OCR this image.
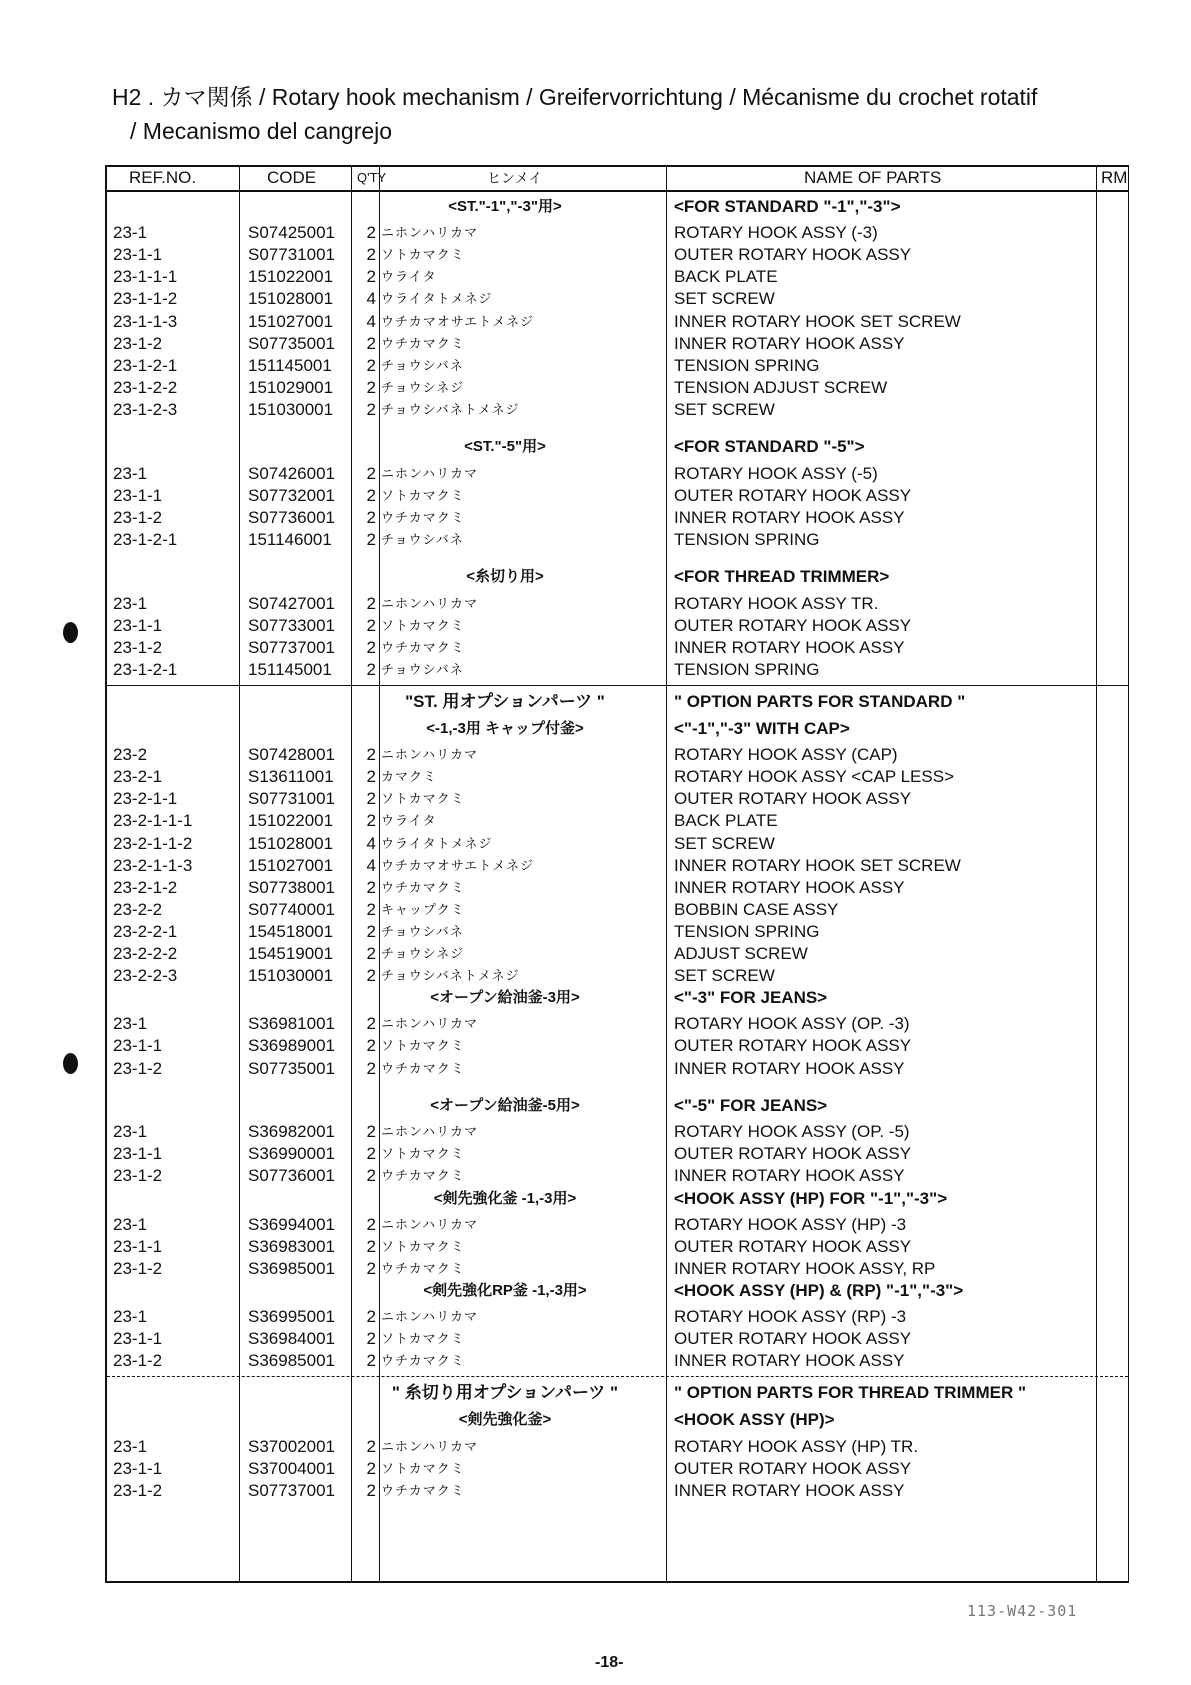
H2 . カマ関係 / Rotary hook mechanism / Greifervorrichtung / Mécanisme du crochet rotatif
/ Mecanismo del cangrejo
REF.NO.	CODE	Q'TY	ヒンメイ	NAME OF PARTS	RM
<ST."-1","-3"用>	<FOR STANDARD "-1","-3">
23-1	S07425001	2 ニホンハリカマ	ROTARY HOOK ASSY (-3)
23-1-1	S07731001	2 ソトカマクミ	OUTER ROTARY HOOK ASSY
23-1-1-1	151022001	2 ウライタ	BACK PLATE
23-1-1-2	151028001	4 ウライタトメネジ	SET SCREW
23-1-1-3	151027001	4 ウチカマオサエトメネジ	INNER ROTARY HOOK SET SCREW
23-1-2	S07735001	2 ウチカマクミ	INNER ROTARY HOOK ASSY
23-1-2-1	151145001	2 チョウシバネ	TENSION SPRING
23-1-2-2	151029001	2 チョウシネジ	TENSION ADJUST SCREW
23-1-2-3	151030001	2 チョウシバネトメネジ	SET SCREW
<ST."-5"用>	<FOR STANDARD "-5">
23-1	S07426001	2 ニホンハリカマ	ROTARY HOOK ASSY (-5)
23-1-1	S07732001	2 ソトカマクミ	OUTER ROTARY HOOK ASSY
23-1-2	S07736001	2 ウチカマクミ	INNER ROTARY HOOK ASSY
23-1-2-1	151146001	2 チョウシバネ	TENSION SPRING
<糸切り用>	<FOR THREAD TRIMMER>
23-1	S07427001	2 ニホンハリカマ	ROTARY HOOK ASSY TR.
23-1-1	S07733001	2 ソトカマクミ	OUTER ROTARY HOOK ASSY
23-1-2	S07737001	2 ウチカマクミ	INNER ROTARY HOOK ASSY
23-1-2-1	151145001	2 チョウシバネ	TENSION SPRING
"ST. 用オプションパーツ "	" OPTION PARTS FOR STANDARD "
<-1,-3用 キャップ付釜>	<"-1","-3" WITH CAP>
23-2	S07428001	2 ニホンハリカマ	ROTARY HOOK ASSY (CAP)
23-2-1	S13611001	2 カマクミ	ROTARY HOOK ASSY <CAP LESS>
23-2-1-1	S07731001	2 ソトカマクミ	OUTER ROTARY HOOK ASSY
23-2-1-1-1	151022001	2 ウライタ	BACK PLATE
23-2-1-1-2	151028001	4 ウライタトメネジ	SET SCREW
23-2-1-1-3	151027001	4 ウチカマオサエトメネジ	INNER ROTARY HOOK SET SCREW
23-2-1-2	S07738001	2 ウチカマクミ	INNER ROTARY HOOK ASSY
23-2-2	S07740001	2 キャップクミ	BOBBIN CASE ASSY
23-2-2-1	154518001	2 チョウシバネ	TENSION SPRING
23-2-2-2	154519001	2 チョウシネジ	ADJUST SCREW
23-2-2-3	151030001	2 チョウシバネトメネジ	SET SCREW
<オープン給油釜-3用>	<"-3" FOR JEANS>
23-1	S36981001	2 ニホンハリカマ	ROTARY HOOK ASSY (OP. -3)
23-1-1	S36989001	2 ソトカマクミ	OUTER ROTARY HOOK ASSY
23-1-2	S07735001	2 ウチカマクミ	INNER ROTARY HOOK ASSY
<オープン給油釜-5用>	<"-5" FOR JEANS>
23-1	S36982001	2 ニホンハリカマ	ROTARY HOOK ASSY (OP. -5)
23-1-1	S36990001	2 ソトカマクミ	OUTER ROTARY HOOK ASSY
23-1-2	S07736001	2 ウチカマクミ	INNER ROTARY HOOK ASSY
<剣先強化釜 -1,-3用>	<HOOK ASSY (HP) FOR "-1","-3">
23-1	S36994001	2 ニホンハリカマ	ROTARY HOOK ASSY (HP) -3
23-1-1	S36983001	2 ソトカマクミ	OUTER ROTARY HOOK ASSY
23-1-2	S36985001	2 ウチカマクミ	INNER ROTARY HOOK ASSY, RP
<剣先強化RP釜 -1,-3用>	<HOOK ASSY (HP) & (RP) "-1","-3">
23-1	S36995001	2 ニホンハリカマ	ROTARY HOOK ASSY (RP) -3
23-1-1	S36984001	2 ソトカマクミ	OUTER ROTARY HOOK ASSY
23-1-2	S36985001	2 ウチカマクミ	INNER ROTARY HOOK ASSY
" 糸切り用オプションパーツ "	" OPTION PARTS FOR THREAD TRIMMER "
<剣先強化釜>	<HOOK ASSY (HP)>
23-1	S37002001	2 ニホンハリカマ	ROTARY HOOK ASSY (HP) TR.
23-1-1	S37004001	2 ソトカマクミ	OUTER ROTARY HOOK ASSY
23-1-2	S07737001	2 ウチカマクミ	INNER ROTARY HOOK ASSY
113-W42-301
-18-
